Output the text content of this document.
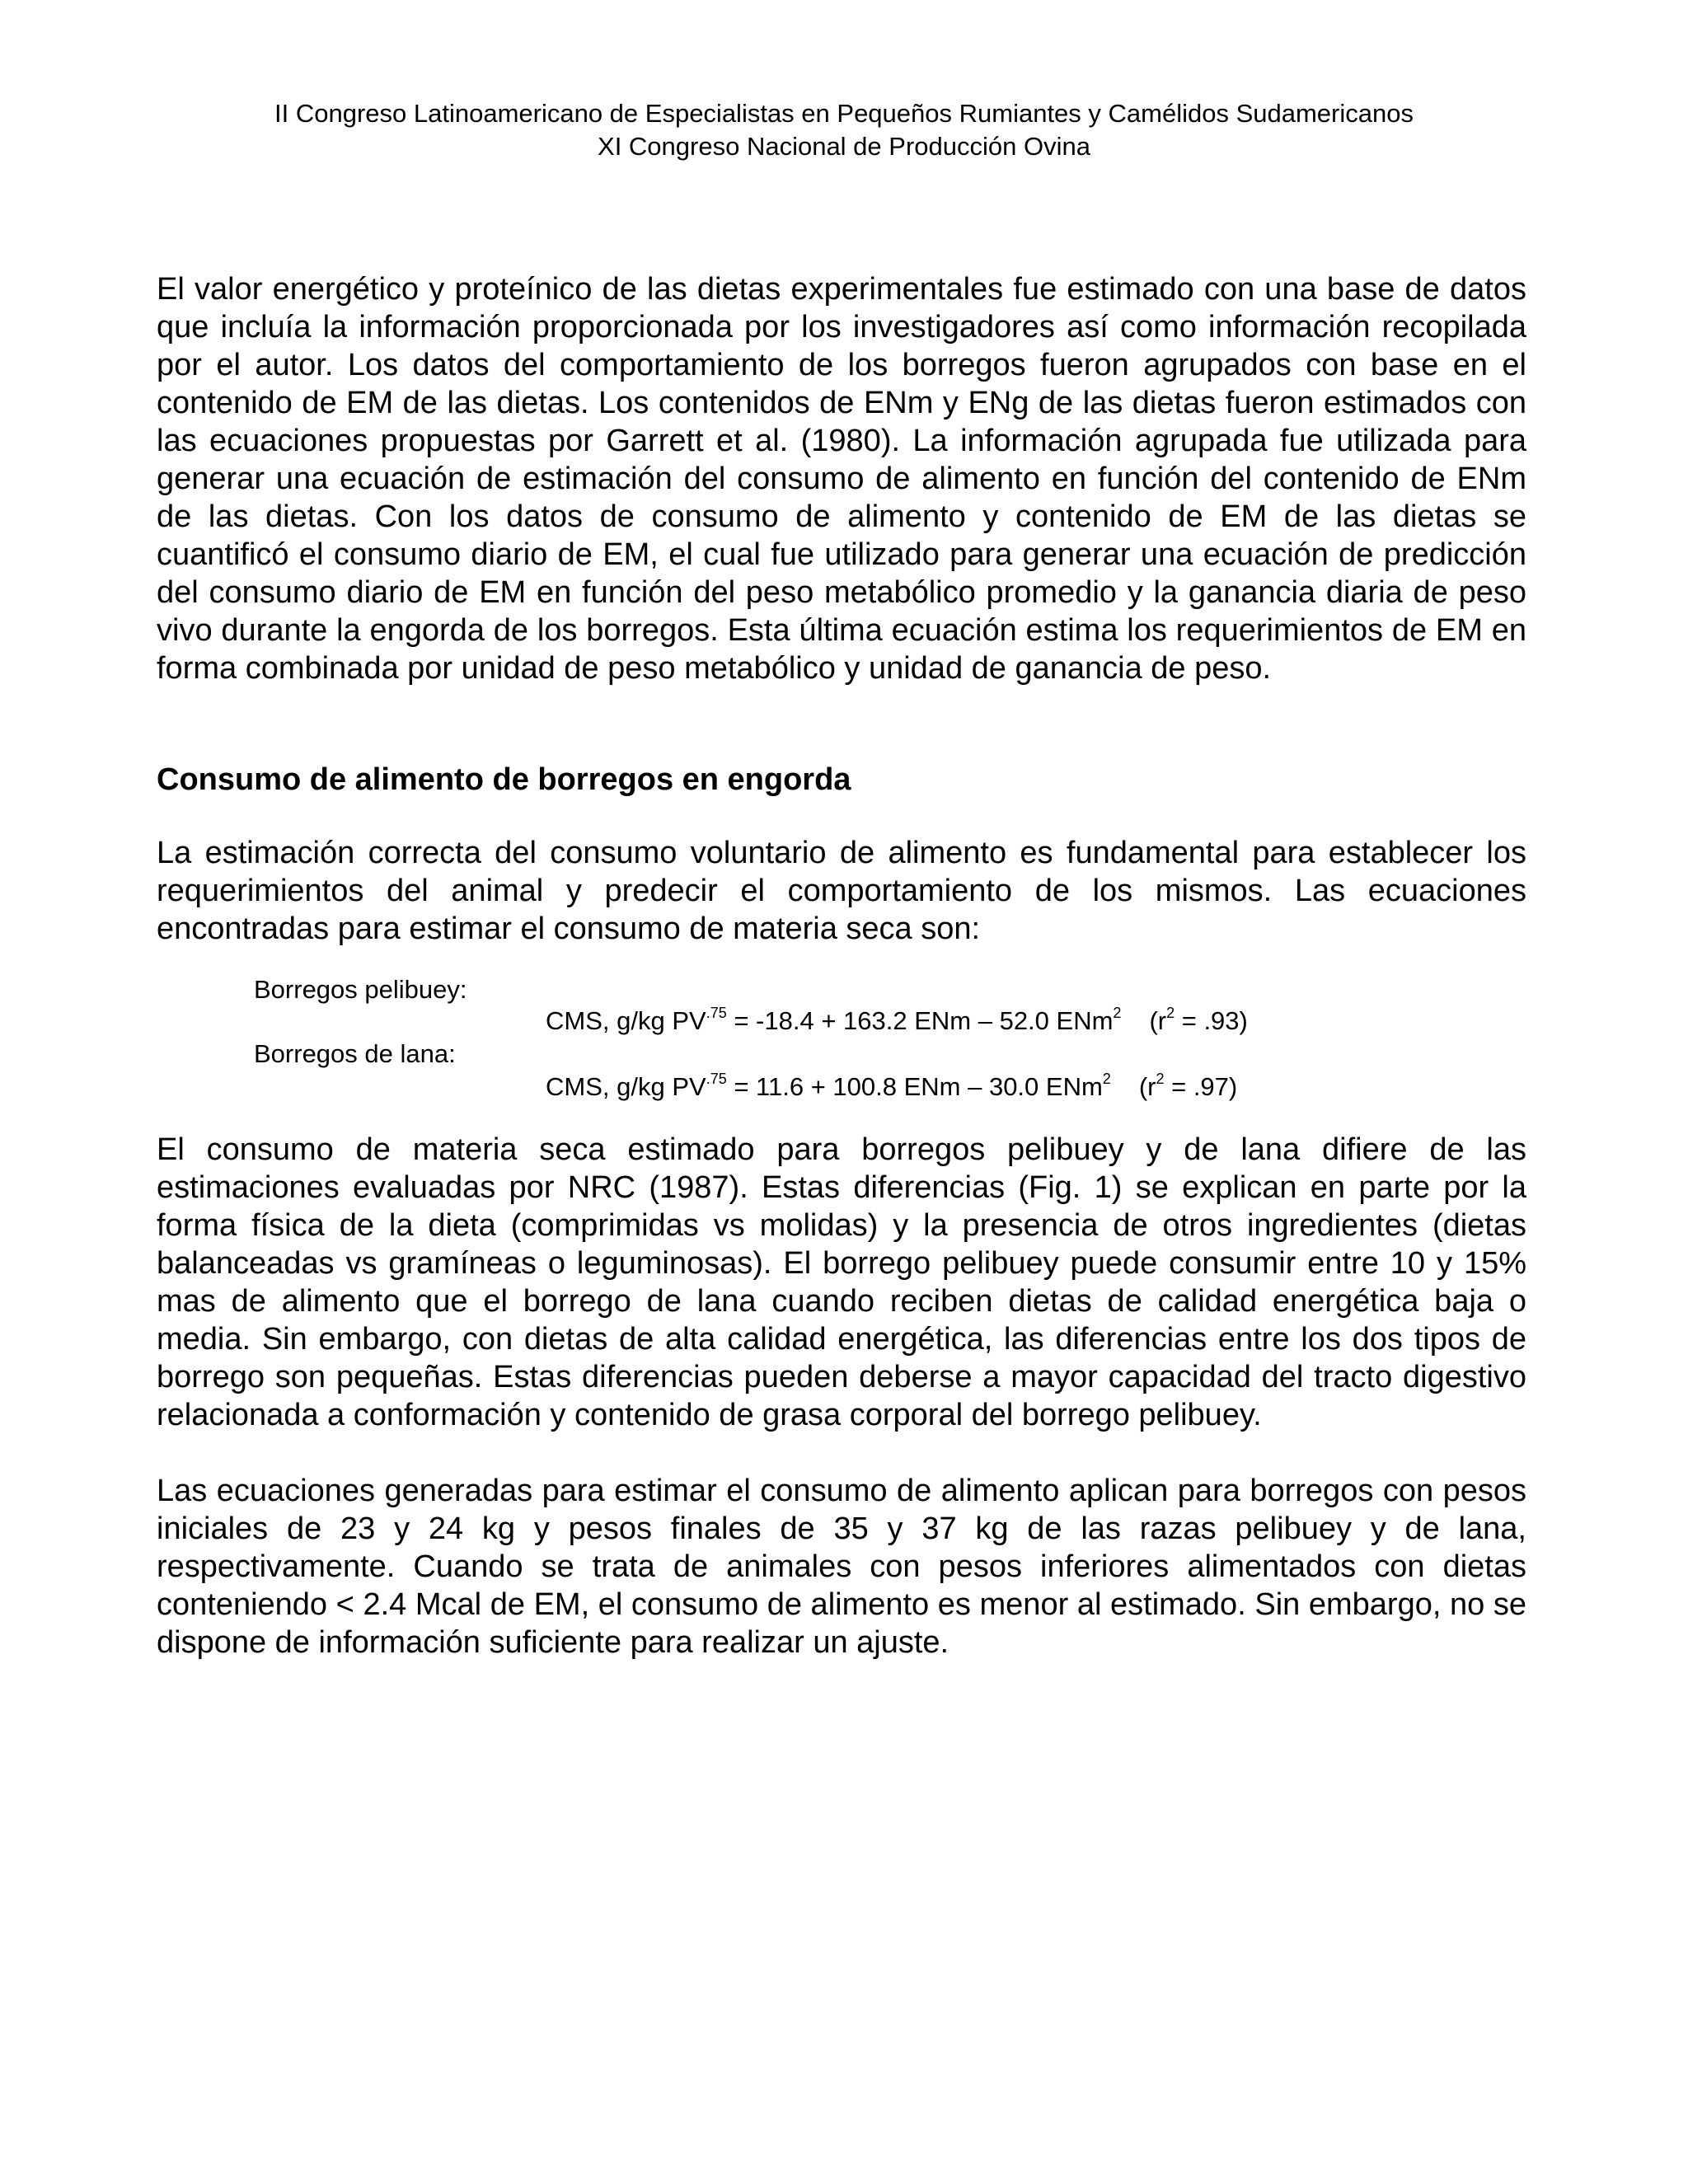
II Congreso Latinoamericano de Especialistas en Pequeños Rumiantes y Camélidos Sudamericanos
XI Congreso Nacional de Producción Ovina

El valor energético y proteínico de las dietas experimentales fue estimado con una base de datos que incluía la información proporcionada por los investigadores así como información recopilada por el autor. Los datos del comportamiento de los borregos fueron agrupados con base en el contenido de EM de las dietas. Los contenidos de ENm y ENg de las dietas fueron estimados con las ecuaciones propuestas por Garrett et al. (1980). La información agrupada fue utilizada para generar una ecuación de estimación del consumo de alimento en función del contenido de ENm de las dietas. Con los datos de consumo de alimento y contenido de EM de las dietas se cuantificó el consumo diario de EM, el cual fue utilizado para generar una ecuación de predicción del consumo diario de EM en función del peso metabólico promedio y la ganancia diaria de peso vivo durante la engorda de los borregos. Esta última ecuación estima los requerimientos de EM en forma combinada por unidad de peso metabólico y unidad de ganancia de peso.

Consumo de alimento de borregos en engorda

La estimación correcta del consumo voluntario de alimento es fundamental para establecer los requerimientos del animal y predecir el comportamiento de los mismos. Las ecuaciones encontradas para estimar el consumo de materia seca son:

Borregos pelibuey:
CMS, g/kg $PV^{.75} = -18.4 + 163.2$ ENm – 52.0 ENm$^2$ $(r^2 = .93)$
Borregos de lana:
CMS, g/kg $PV^{.75} = 11.6 + 100.8$ ENm – 30.0 ENm$^2$ $(r^2 = .97)$

El consumo de materia seca estimado para borregos pelibuey y de lana difiere de las estimaciones evaluadas por NRC (1987). Estas diferencias (Fig. 1) se explican en parte por la forma física de la dieta (comprimidas vs molidas) y la presencia de otros ingredientes (dietas balanceadas vs gramíneas o leguminosas). El borrego pelibuey puede consumir entre 10 y 15% mas de alimento que el borrego de lana cuando reciben dietas de calidad energética baja o media. Sin embargo, con dietas de alta calidad energética, las diferencias entre los dos tipos de borrego son pequeñas. Estas diferencias pueden deberse a mayor capacidad del tracto digestivo relacionada a conformación y contenido de grasa corporal del borrego pelibuey.

Las ecuaciones generadas para estimar el consumo de alimento aplican para borregos con pesos iniciales de 23 y 24 kg y pesos finales de 35 y 37 kg de las razas pelibuey y de lana, respectivamente. Cuando se trata de animales con pesos inferiores alimentados con dietas conteniendo < 2.4 Mcal de EM, el consumo de alimento es menor al estimado. Sin embargo, no se dispone de información suficiente para realizar un ajuste.
